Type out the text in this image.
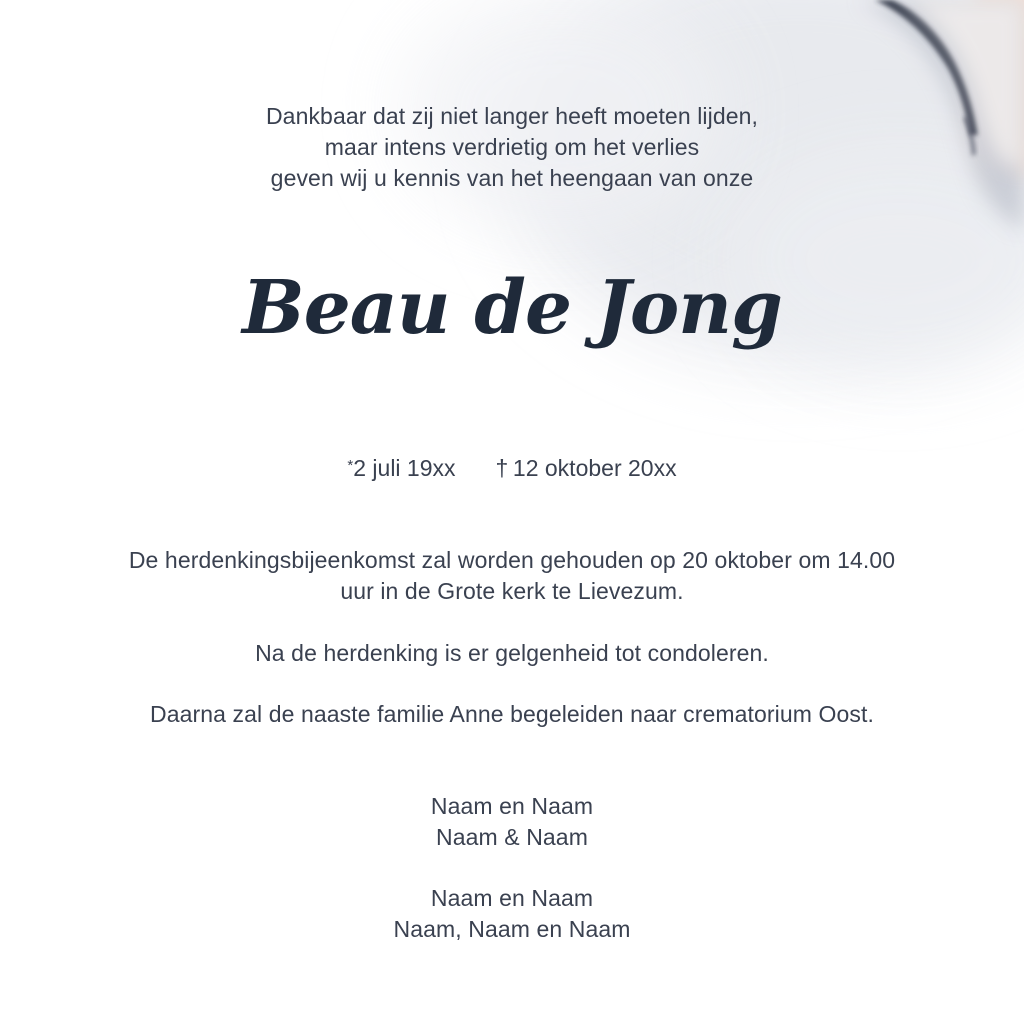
Dankbaar dat zij niet langer heeft moeten lijden,
maar intens verdrietig om het verlies
geven wij u kennis van het heengaan van onze

Beau de Jong
*2 juli 19xx †  12 oktober 20xx

De herdenkingsbijeenkomst zal worden gehouden op 20 oktober om 14.00
uur in de Grote kerk te Lievezum.

Na de herdenking is er gelgenheid tot condoleren.

Daarna zal de naaste familie Anne begeleiden naar crematorium Oost.

Naam en Naam
Naam & Naam

Naam en Naam
Naam, Naam en Naam
